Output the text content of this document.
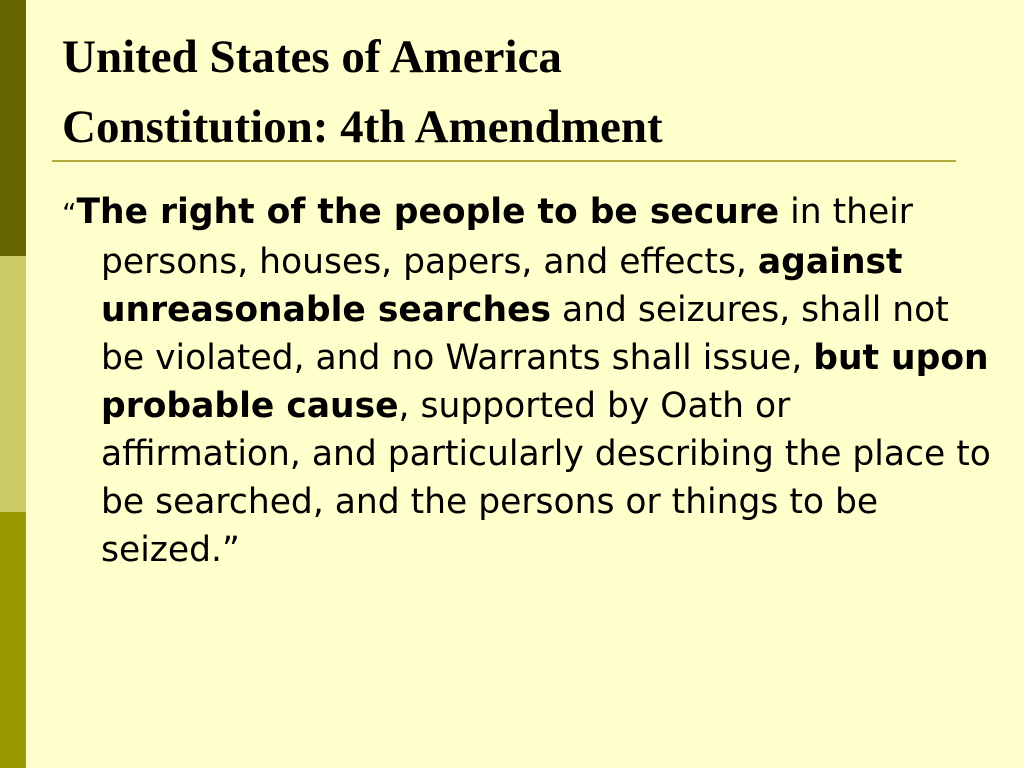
United States of America
Constitution: 4th Amendment

“The right of the people to be secure in their persons, houses, papers, and effects, against unreasonable searches and seizures, shall not be violated, and no Warrants shall issue, but upon probable cause, supported by Oath or affirmation, and particularly describing the place to be searched, and the persons or things to be seized.”
